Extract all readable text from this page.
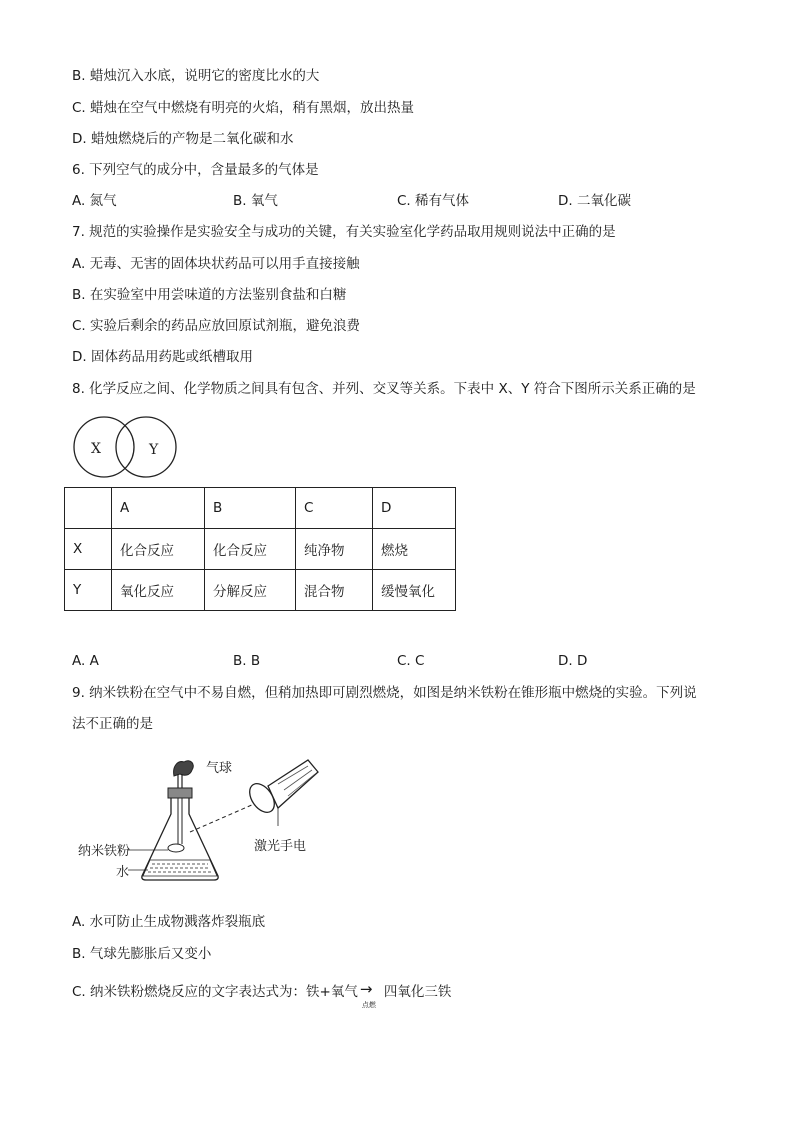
B. 蜡烛沉入水底，说明它的密度比水的大
C. 蜡烛在空气中燃烧有明亮的火焰，稍有黑烟，放出热量
D. 蜡烛燃烧后的产物是二氧化碳和水
6. 下列空气的成分中，含量最多的气体是
A. 氮气	B. 氧气	C. 稀有气体	D. 二氧化碳
7. 规范的实验操作是实验安全与成功的关键，有关实验室化学药品取用规则说法中正确的是
A. 无毒、无害的固体块状药品可以用手直接接触
B. 在实验室中用尝味道的方法鉴别食盐和白糖
C. 实验后剩余的药品应放回原试剂瓶，避免浪费
D. 固体药品用药匙或纸槽取用
8. 化学反应之间、化学物质之间具有包含、并列、交叉等关系。下表中 X、Y 符合下图所示关系正确的是
X	Y
	A	B	C	D
X	化合反应	化合反应	纯净物	燃烧
Y	氧化反应	分解反应	混合物	缓慢氧化
A. A	B. B	C. C	D. D
9. 纳米铁粉在空气中不易自燃，但稍加热即可剧烈燃烧，如图是纳米铁粉在锥形瓶中燃烧的实验。下列说
法不正确的是
气球
纳米铁粉
水
激光手电
A. 水可防止生成物溅落炸裂瓶底
B. 气球先膨胀后又变小
C. 纳米铁粉燃烧反应的文字表达式为：铁+氧气 →
点燃
四氧化三铁
